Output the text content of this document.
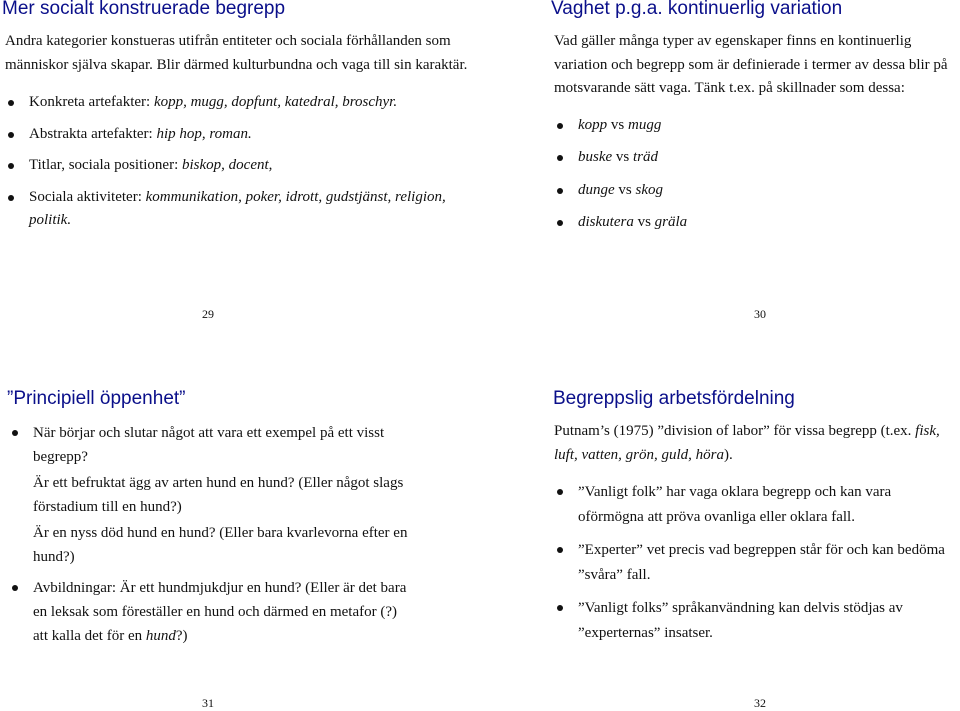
Mer socialt konstruerade begrepp

Andra kategorier konstueras utifrån entiteter och sociala förhållanden som människor själva skapar. Blir därmed kulturbundna och vaga till sin karaktär.

Konkreta artefakter: kopp, mugg, dopfunt, katedral, broschyr.
Abstrakta artefakter: hip hop, roman.
Titlar, sociala positioner: biskop, docent,
Sociala aktiviteter: kommunikation, poker, idrott, gudstjänst, religion, politik.
29
Vaghet p.g.a. kontinuerlig variation

Vad gäller många typer av egenskaper finns en kontinuerlig variation och begrepp som är definierade i termer av dessa blir på motsvarande sätt vaga. Tänk t.ex. på skillnader som dessa:

kopp vs mugg
buske vs träd
dunge vs skog
diskutera vs gräla
30
”Principiell öppenhet”
När börjar och slutar något att vara ett exempel på ett visst begrepp?
Är ett befruktat ägg av arten hund en hund? (Eller något slags förstadium till en hund?)
Är en nyss död hund en hund? (Eller bara kvarlevorna efter en hund?)
Avbildningar: Är ett hundmjukdjur en hund? (Eller är det bara en leksak som föreställer en hund och därmed en metafor (?) att kalla det för en hund?)
31
Begreppslig arbetsfördelning

Putnam’s (1975) ”division of labor” för vissa begrepp (t.ex. fisk, luft, vatten, grön, guld, höra).

”Vanligt folk” har vaga oklara begrepp och kan vara oförmögna att pröva ovanliga eller oklara fall.
”Experter” vet precis vad begreppen står för och kan bedöma ”svåra” fall.
”Vanligt folks” språkanvändning kan delvis stödjas av ”experternas” insatser.
32
